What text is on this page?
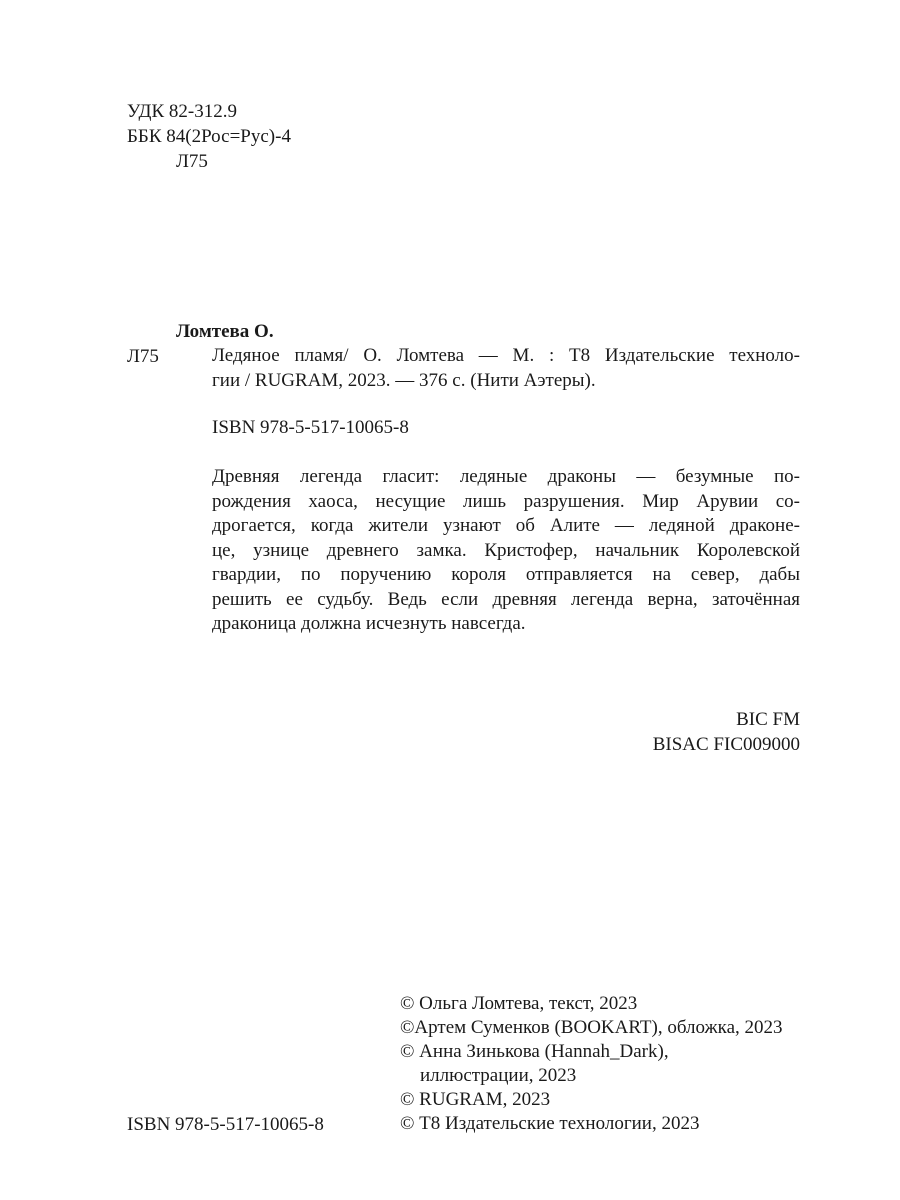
УДК 82-312.9
ББК 84(2Рос=Рус)-4
Л75
Ломтева О.
Л75	Ледяное пламя/ О. Ломтева — М. : Т8 Издательские техноло-
гии / RUGRAM, 2023. — 376 с. (Нити Аэтеры).
ISBN 978-5-517-10065-8
Древняя легенда гласит: ледяные драконы — безумные по-
рождения хаоса, несущие лишь разрушения. Мир Арувии со-
дрогается, когда жители узнают об Алите — ледяной драконе-
це, узнице древнего замка. Кристофер, начальник Королевской
гвардии, по поручению короля отправляется на север, дабы
решить ее судьбу. Ведь если древняя легенда верна, заточённая
драконица должна исчезнуть навсегда.
BIC FM
BISAC FIC009000
ISBN 978-5-517-10065-8
© Ольга Ломтева, текст, 2023
©Артем Суменков (BOOKART), обложка, 2023
© Анна Зинькова (Hannah_Dark),
иллюстрации, 2023
© RUGRAM, 2023
© Т8 Издательские технологии, 2023
